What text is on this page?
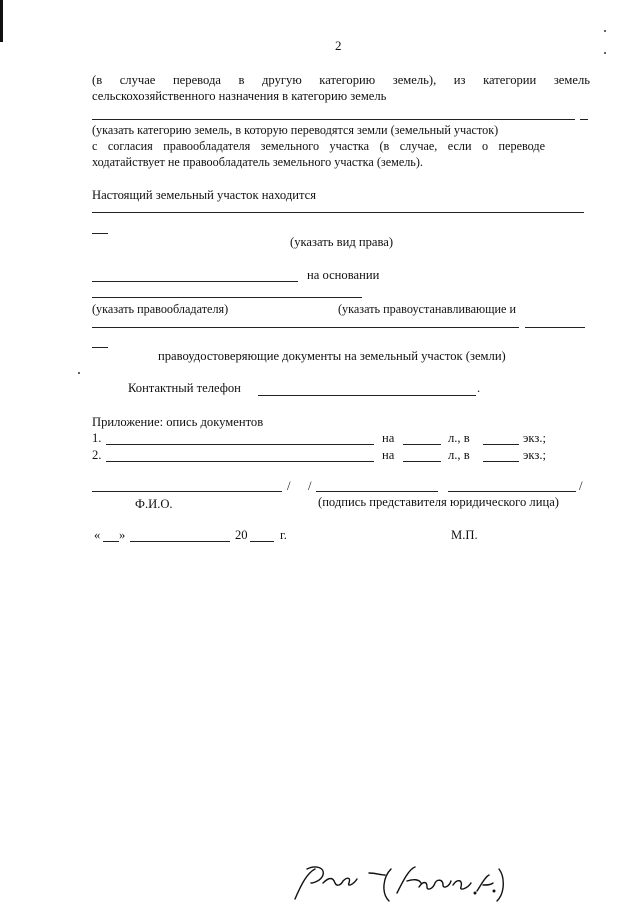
2
(в случае перевода в другую категорию земель), из категории земель
сельскохозяйственного назначения в категорию земель
(указать категорию земель, в которую переводятся земли (земельный участок)
с согласия правообладателя земельного участка (в случае, если о переводе
ходатайствует не правообладатель земельного участка (земель).
Настоящий земельный участок находится
(указать вид права)
на основании
(указать правообладателя)	(указать правоустанавливающие и
правоудостоверяющие документы на земельный участок (земли)
Контактный телефон	.
Приложение: опись документов
1.	на	л., в	экз.;
2.	на	л., в	экз.;
/ /	/
Ф.И.О.	(подпись представителя юридического лица)
« »	20	г.	М.П.
